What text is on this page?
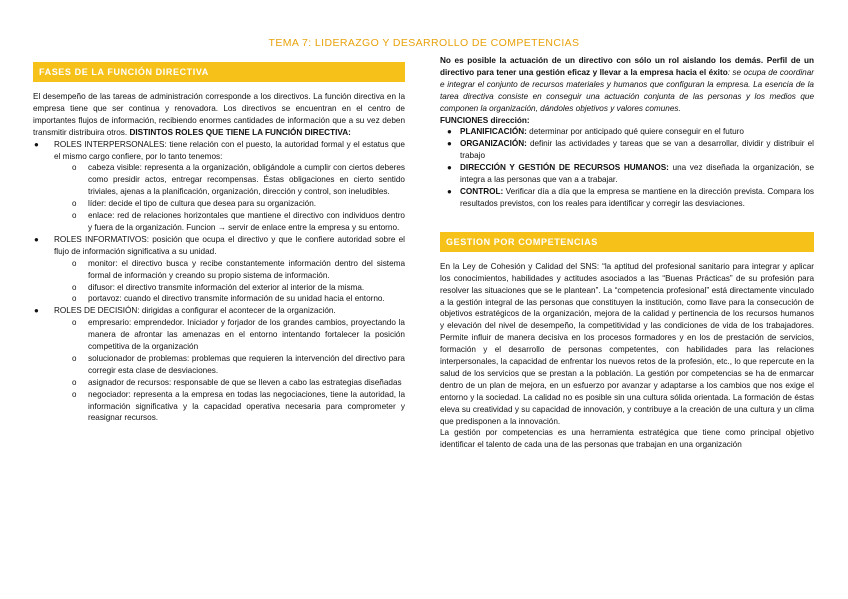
TEMA 7: LIDERAZGO Y DESARROLLO DE COMPETENCIAS
FASES DE LA FUNCIÓN DIRECTIVA

El desempeño de las tareas de administración corresponde a los directivos. La función directiva en la empresa tiene que ser continua y renovadora. Los directivos se encuentran en el centro de importantes flujos de información, recibiendo enormes cantidades de información que a su vez deben transmitir distribuira otros. DISTINTOS ROLES QUE TIENE LA FUNCIÓN DIRECTIVA:

● ROLES INTERPERSONALES: tiene relación con el puesto, la autoridad formal y el estatus que el mismo cargo confiere, por lo tanto tenemos:
o cabeza visible: representa a la organización, obligándole a cumplir con ciertos deberes como presidir actos, entregar recompensas. Éstas obligaciones en cierto sentido triviales, ajenas a la planificación, organización, dirección y control, son ineludibles.
o líder: decide el tipo de cultura que desea para su organización.
o enlace: red de relaciones horizontales que mantiene el directivo con individuos dentro y fuera de la organización. Funcion → servir de enlace entre la empresa y su entorno.
● ROLES INFORMATIVOS: posición que ocupa el directivo y que le confiere autoridad sobre el flujo de información significativa a su unidad.
o monitor: el directivo busca y recibe constantemente información dentro del sistema formal de información y creando su propio sistema de información.
o difusor: el directivo transmite información del exterior al interior de la misma.
o portavoz: cuando el directivo transmite información de su unidad hacia el entorno.
● ROLES DE DECISIÓN: dirigidas a configurar el acontecer de la organización.
o empresario: emprendedor. Iniciador y forjador de los grandes cambios, proyectando la manera de afrontar las amenazas en el entorno intentando fortalecer la posición competitiva de la organización
o solucionador de problemas: problemas que requieren la intervención del directivo para corregir esta clase de desviaciones.
o asignador de recursos: responsable de que se lleven a cabo las estrategias diseñadas
o negociador: representa a la empresa en todas las negociaciones, tiene la autoridad, la información significativa y la capacidad operativa necesaria para comprometer y reasignar recursos.

No es posible la actuación de un directivo con sólo un rol aislando los demás. Perfil de un directivo para tener una gestión eficaz y llevar a la empresa hacia el éxito: se ocupa de coordinar e integrar el conjunto de recursos materiales y humanos que configuran la empresa. La esencia de la tarea directiva consiste en conseguir una actuación conjunta de las personas y los medios que componen la organización, dándoles objetivos y valores comunes.

FUNCIONES dirección:

● PLANIFICACIÓN: determinar por anticipado qué quiere conseguir en el futuro
● ORGANIZACIÓN: definir las actividades y tareas que se van a desarrollar, dividir y distribuir el trabajo
● DIRECCIÓN Y GESTIÓN DE RECURSOS HUMANOS: una vez diseñada la organización, se integra a las personas que van a a trabajar.
● CONTROL: Verificar día a día que la empresa se mantiene en la dirección prevista. Compara los resultados previstos, con los reales para identificar y corregir las desviaciones.
GESTION POR COMPETENCIAS

En la Ley de Cohesión y Calidad del SNS: “la aptitud del profesional sanitario para integrar y aplicar los conocimientos, habilidades y actitudes asociados a las “Buenas Prácticas” de su profesión para resolver las situaciones que se le plantean”. La “competencia profesional” está directamente vinculado a la gestión integral de las personas que constituyen la institución, como llave para la consecución de objetivos estratégicos de la organización, mejora de la calidad y pertinencia de los recursos humanos y elevación del nivel de desempeño, la competitividad y las condiciones de vida de los trabajadores. Permite influir de manera decisiva en los procesos formadores y en los de prestación de servicios, formación y el desarrollo de personas competentes, con habilidades para las relaciones interpersonales, la capacidad de enfrentar los nuevos retos de la profesión, etc., lo que repercute en la salud de los servicios que se prestan a la población. La gestión por competencias se ha de enmarcar dentro de un plan de mejora, en un esfuerzo por avanzar y adaptarse a los cambios que nos exige el entorno y la sociedad. La calidad no es posible sin una cultura sólida orientada. La formación de éstas eleva su creatividad y su capacidad de innovación, y contribuye a la creación de una cultura y un clima que predisponen a la innovación.

La gestión por competencias es una herramienta estratégica que tiene como principal objetivo identificar el talento de cada una de las personas que trabajan en una organización
